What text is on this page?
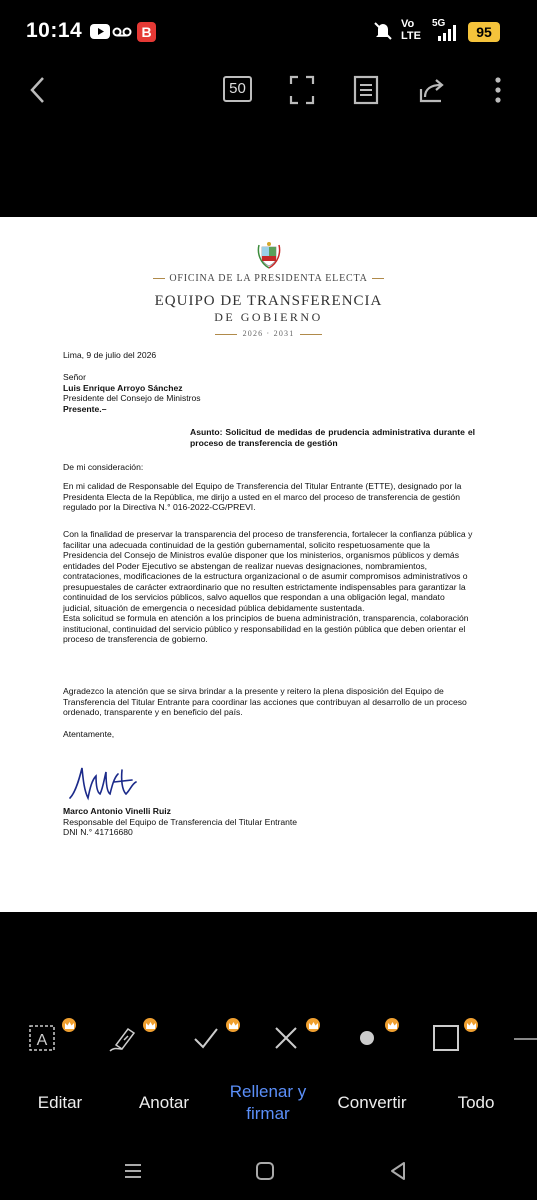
10:14	B	Vo
LTE
5G
95
50
OFICINA DE LA PRESIDENTA ELECTA
EQUIPO DE TRANSFERENCIA
DE GOBIERNO
2026 · 2031
Lima, 9 de julio del 2026
Señor
Luis Enrique Arroyo Sánchez
Presidente del Consejo de Ministros
Presente.–
Asunto: Solicitud de medidas de prudencia administrativa durante el proceso de transferencia de gestión
De mi consideración:

En mi calidad de Responsable del Equipo de Transferencia del Titular Entrante (ETTE), designado por la Presidenta Electa de la República, me dirijo a usted en el marco del proceso de transferencia de gestión regulado por la Directiva N.° 016-2022-CG/PREVI.

Con la finalidad de preservar la transparencia del proceso de transferencia, fortalecer la confianza pública y facilitar una adecuada continuidad de la gestión gubernamental, solicito respetuosamente que la Presidencia del Consejo de Ministros evalúe disponer que los ministerios, organismos públicos y demás entidades del Poder Ejecutivo se abstengan de realizar nuevas designaciones, nombramientos, contrataciones, modificaciones de la estructura organizacional o de asumir compromisos administrativos o presupuestales de carácter extraordinario que no resulten estrictamente indispensables para garantizar la continuidad de los servicios públicos, salvo aquellos que respondan a una obligación legal, mandato judicial, situación de emergencia o necesidad pública debidamente sustentada.

Esta solicitud se formula en atención a los principios de buena administración, transparencia, colaboración institucional, continuidad del servicio público y responsabilidad en la gestión pública que deben orientar el proceso de transferencia de gobierno.

Agradezco la atención que se sirva brindar a la presente y reitero la plena disposición del Equipo de Transferencia del Titular Entrante para coordinar las acciones que contribuyan al desarrollo de un proceso ordenado, transparente y en beneficio del país.

Atentamente,
Marco Antonio Vinelli Ruiz
Responsable del Equipo de Transferencia del Titular Entrante
DNI N.° 41716680
A
Editar	Anotar
Rellenar y
firmar
Convertir	Todo
